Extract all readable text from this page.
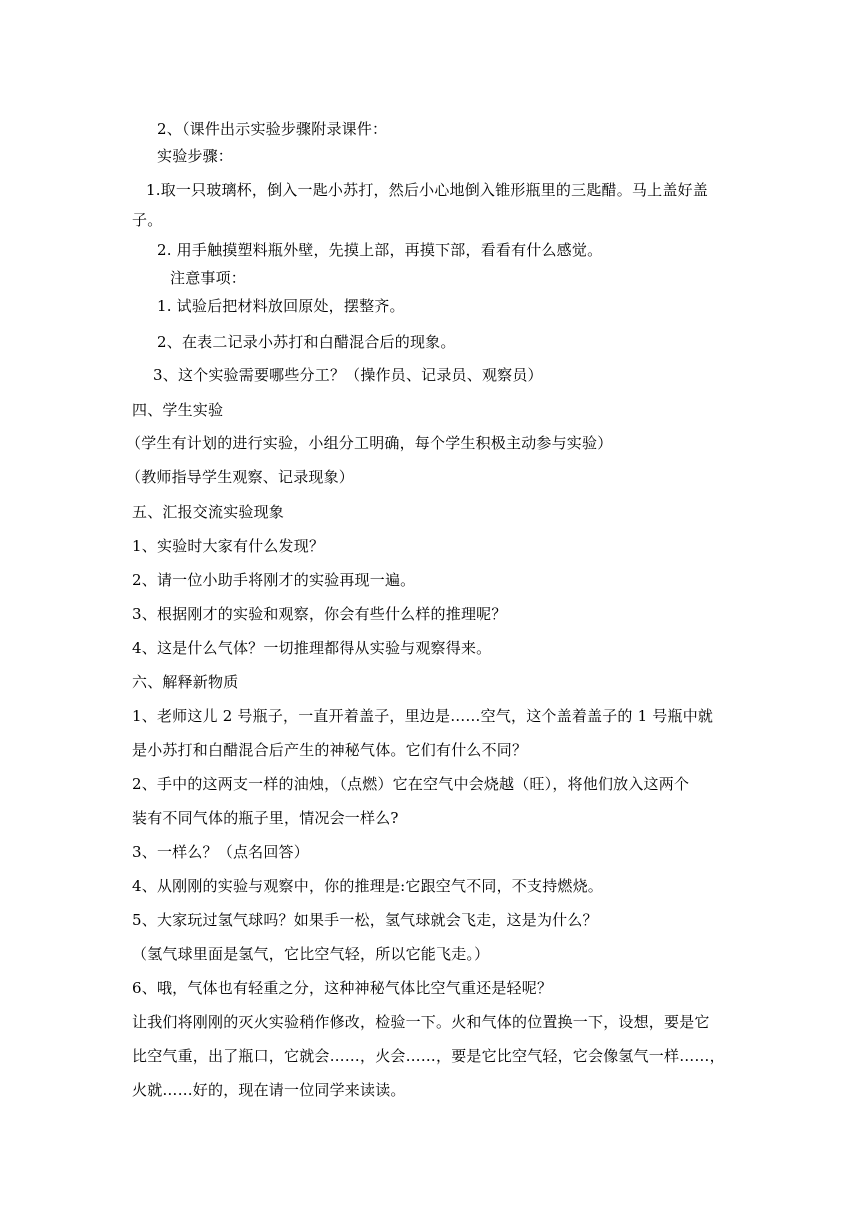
2、（课件出示实验步骤附录课件：
实验步骤：
1.取一只玻璃杯，倒入一匙小苏打，然后小心地倒入锥形瓶里的三匙醋。马上盖好盖
子。
2. 用手触摸塑料瓶外壁，先摸上部，再摸下部，看看有什么感觉。
注意事项：
1. 试验后把材料放回原处，摆整齐。
2、在表二记录小苏打和白醋混合后的现象。
3、这个实验需要哪些分工？（操作员、记录员、观察员）
四、学生实验
（学生有计划的进行实验，小组分工明确，每个学生积极主动参与实验）
（教师指导学生观察、记录现象）
五、汇报交流实验现象
1、实验时大家有什么发现？
2、请一位小助手将刚才的实验再现一遍。
3、根据刚才的实验和观察，你会有些什么样的推理呢？
4、这是什么气体？一切推理都得从实验与观察得来。
六、解释新物质
1、老师这儿 2 号瓶子，一直开着盖子，里边是……空气，这个盖着盖子的 1 号瓶中就
是小苏打和白醋混合后产生的神秘气体。它们有什么不同？
2、手中的这两支一样的油烛，（点燃）它在空气中会烧越（旺），将他们放入这两个
装有不同气体的瓶子里，情况会一样么?
3、一样么？（点名回答）
4、从刚刚的实验与观察中，你的推理是:它跟空气不同，不支持燃烧。
5、大家玩过氢气球吗？如果手一松，氢气球就会飞走，这是为什么？
（氢气球里面是氢气，它比空气轻，所以它能飞走。）
6、哦，气体也有轻重之分，这种神秘气体比空气重还是轻呢？
让我们将刚刚的灭火实验稍作修改，检验一下。火和气体的位置换一下，设想，要是它
比空气重，出了瓶口，它就会……，火会……，要是它比空气轻，它会像氢气一样……，
火就……好的，现在请一位同学来读读。
